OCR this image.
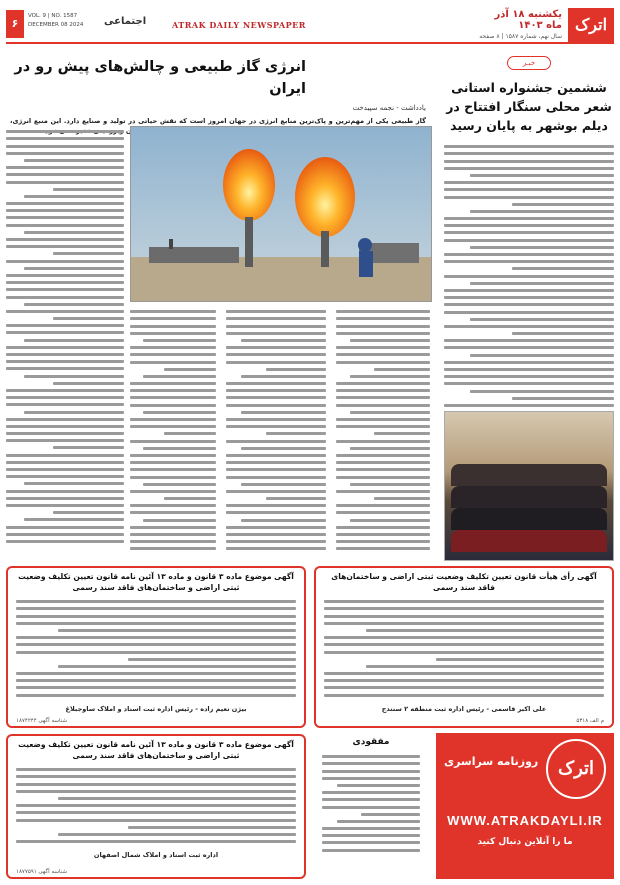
اترک
یکشنبه ۱۸ آذر ماه ۱۴۰۳
سال نهم، شماره ۱۵۸۷ | ۸ صفحه
ATRAK DAILY NEWSPAPER
اجتماعی
VOL. 9 | NO. 1587
DECEMBER 08 2024
۶
خبـر
ششمین جشنواره استانی شعر محلی سنگار افتتاح در دیلم بوشهر به پایان رسید
انرژی گاز طبیعی و چالش‌های پیش رو در ایران
یادداشت - نجمه سپیدخت
گاز طبیعی یکی از مهم‌ترین و پاک‌ترین منابع انرژی در جهان امروز است که نقش حیاتی در تولید و صنایع دارد. این منبع انرژی،
آگهی رأی هیأت قانون تعیین تکلیف وضعیت ثبتی اراضی و ساختمان‌های فاقد سند رسمی
علی اکبر قاسمی - رئیس اداره ثبت منطقه ۲ سنندج
م الف ۵۳۱۸
آگهی موضوع ماده ۳ قانون و ماده ۱۳ آئین نامه قانون تعیین تکلیف وضعیت ثبتی اراضی و ساختمان‌های فاقد سند رسمی
بیژن نعیم زاده - رئیس اداره ثبت اسناد و املاک ساوجبلاغ
شناسه آگهی ۱۸۷۴۲۴۴
مفقودی
آگهی موضوع ماده ۳ قانون و ماده ۱۳ آئین نامه قانون تعیین تکلیف وضعیت ثبتی اراضی و ساختمان‌های فاقد سند رسمی
اداره ثبت اسناد و املاک شمال اصفهان
شناسه آگهی ۱۸۷۷۵۹۱
اترک
روزنامه سراسری
WWW.ATRAKDAYLI.IR
ما را آنلاین دنبال کنید
